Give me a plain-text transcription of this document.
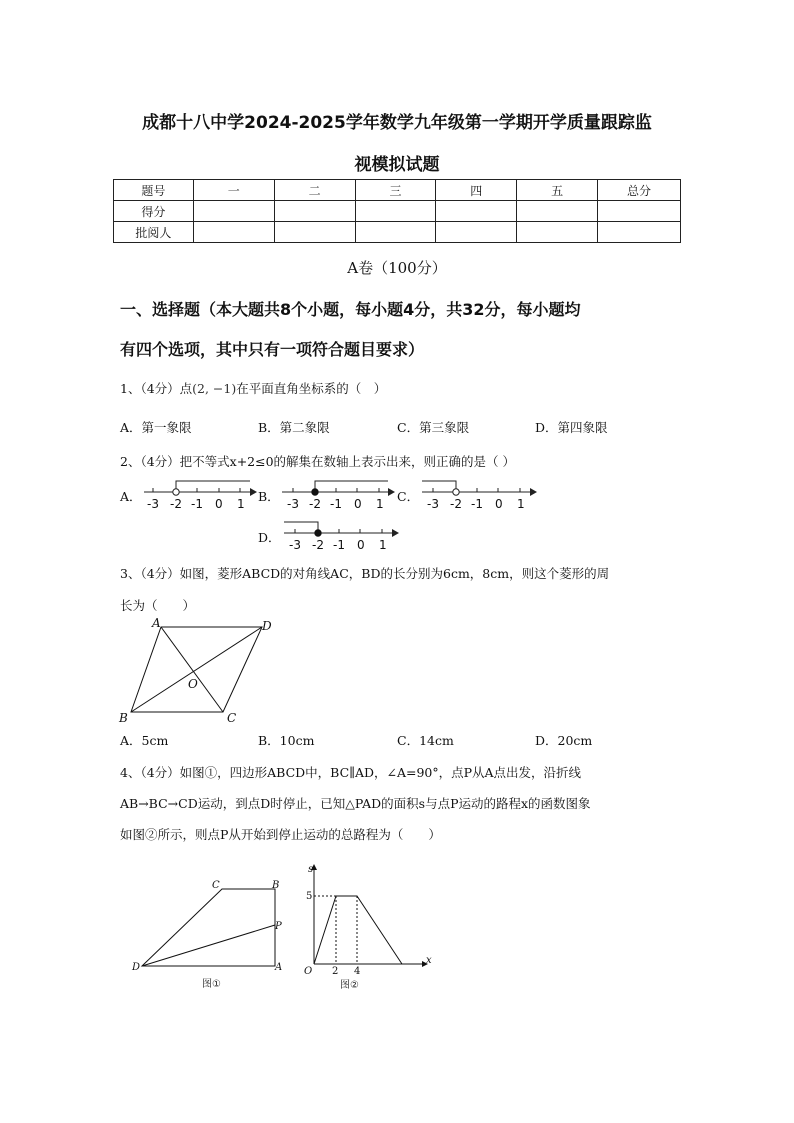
成都十八中学2024-2025学年数学九年级第一学期开学质量跟踪监
视模拟试题
题号	一	二	三	四	五	总分
得分						
批阅人						
A卷（100分）
一、选择题（本大题共8个小题，每小题4分，共32分，每小题均
有四个选项，其中只有一项符合题目要求）
1、（4分）点(2, −1)在平面直角坐标系的（　）
A．第一象限	B．第二象限	C．第三象限	D．第四象限
2、（4分）把不等式x+2≤0的解集在数轴上表示出来，则正确的是（ ）
A． -3 -2 -1 0 1 B． -3 -2 -1 0 1 C． -3 -2 -1 0 1
D． -3 -2 -1 0 1
3、（4分）如图，菱形ABCD的对角线AC，BD的长分别为6cm，8cm，则这个菱形的周
长为（　　）
A	D
O
B	C
A．5cm	B．10cm	C．14cm	D．20cm
4、（4分）如图①，四边形ABCD中，BC∥AD，∠A=90°，点P从A点出发，沿折线
AB→BC→CD运动，到点D时停止，已知△PAD的面积s与点P运动的路程x的函数图象
如图②所示，则点P从开始到停止运动的总路程为（　　）
C	B
P
D	A
图①
s
5
O 2 4
x
图②
